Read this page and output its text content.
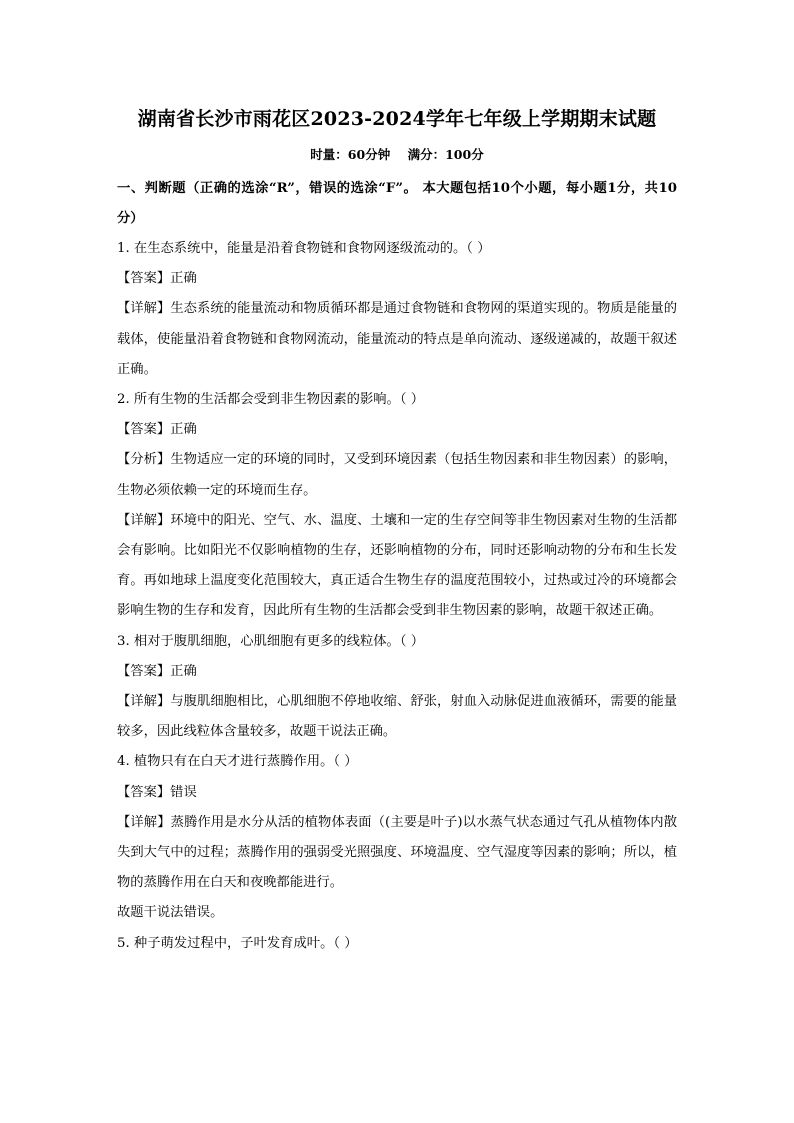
湖南省长沙市雨花区2023-2024学年七年级上学期期末试题
时量：60分钟    满分：100分
一、判断题（正确的选涂“R”，错误的选涂“F”。 本大题包括10个小题，每小题1分，共10分）
1. 在生态系统中，能量是沿着食物链和食物网逐级流动的。（ ）
【答案】正确
【详解】生态系统的能量流动和物质循环都是通过食物链和食物网的渠道实现的。物质是能量的载体，使能量沿着食物链和食物网流动，能量流动的特点是单向流动、逐级递减的，故题干叙述正确。
2. 所有生物的生活都会受到非生物因素的影响。（ ）
【答案】正确
【分析】生物适应一定的环境的同时，又受到环境因素（包括生物因素和非生物因素）的影响，生物必须依赖一定的环境而生存。
【详解】环境中的阳光、空气、水、温度、土壤和一定的生存空间等非生物因素对生物的生活都会有影响。比如阳光不仅影响植物的生存，还影响植物的分布，同时还影响动物的分布和生长发育。再如地球上温度变化范围较大，真正适合生物生存的温度范围较小，过热或过冷的环境都会影响生物的生存和发育，因此所有生物的生活都会受到非生物因素的影响，故题干叙述正确。
3. 相对于腹肌细胞，心肌细胞有更多的线粒体。（ ）
【答案】正确
【详解】与腹肌细胞相比，心肌细胞不停地收缩、舒张，射血入动脉促进血液循环，需要的能量较多，因此线粒体含量较多，故题干说法正确。
4. 植物只有在白天才进行蒸腾作用。（ ）
【答案】错误
【详解】蒸腾作用是水分从活的植物体表面（(主要是叶子)以水蒸气状态通过气孔从植物体内散失到大气中的过程；蒸腾作用的强弱受光照强度、环境温度、空气湿度等因素的影响；所以，植物的蒸腾作用在白天和夜晚都能进行。
故题干说法错误。
5. 种子萌发过程中，子叶发育成叶。（ ）
